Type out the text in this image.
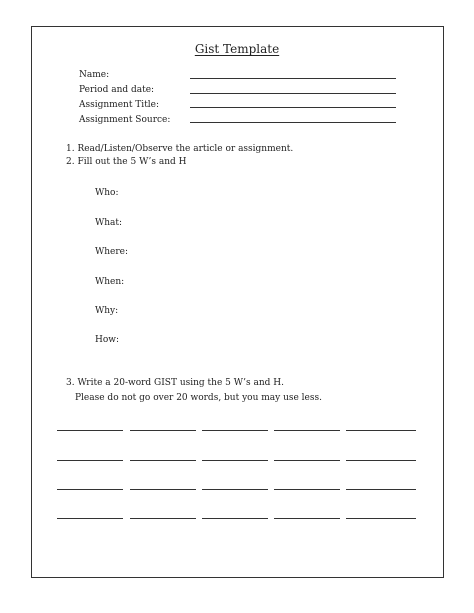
Gist Template
Name:
Period and date:
Assignment Title:
Assignment Source:
1. Read/Listen/Observe the article or assignment.
2. Fill out the 5 W’s and H
Who:
What:
Where:
When:
Why:
How:
3. Write a 20-word GIST using the 5 W’s and H.
Please do not go over 20 words, but you may use less.
